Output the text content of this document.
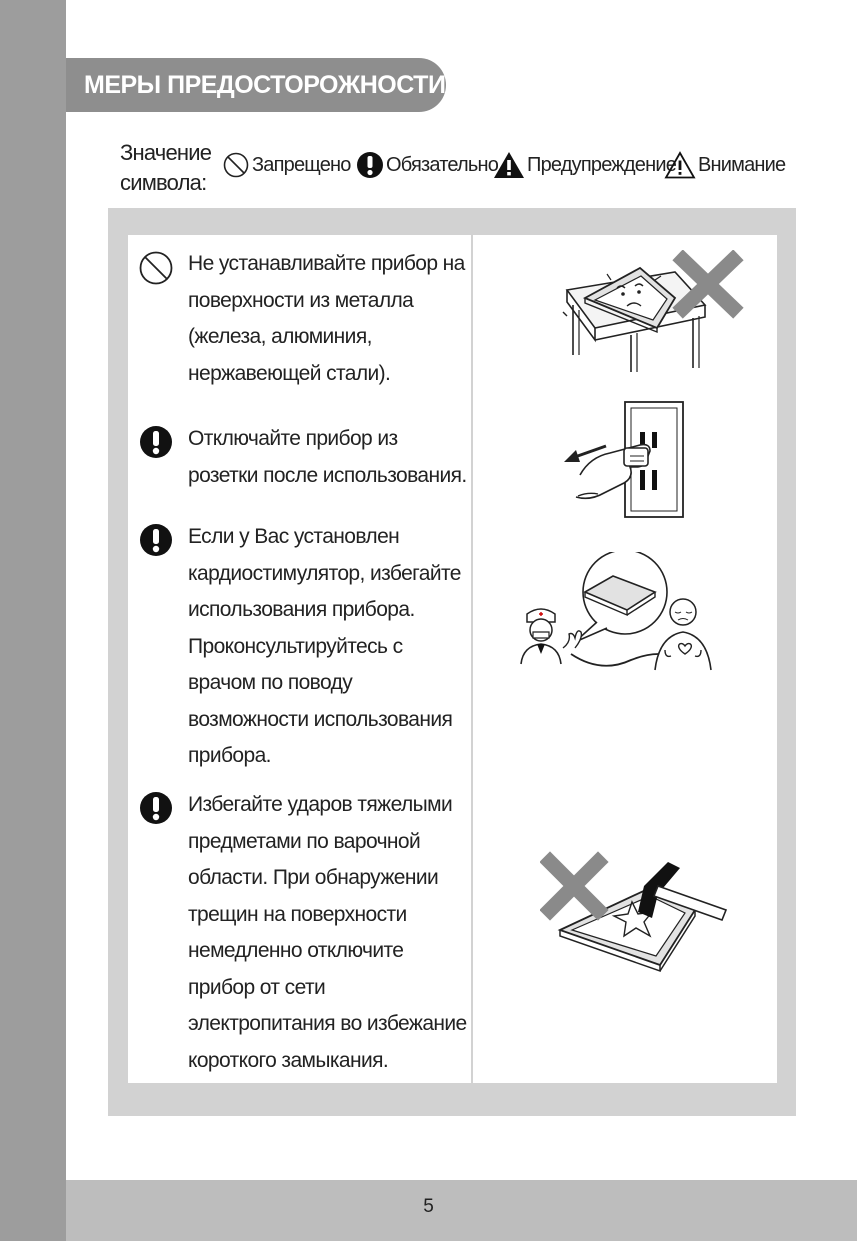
5
МЕРЫ ПРЕДОСТОРОЖНОСТИ
Значение
символа:
Запрещено Обязательно Предупреждение Внимание
Не устанавливайте прибор на
поверхности из металла
(железа, алюминия,
нержавеющей стали).
Отключайте прибор из
розетки после использования.
Если у Вас установлен
кардиостимулятор, избегайте
использования прибора.
Проконсультируйтесь с
врачом по поводу
возможности использования
прибора.
Избегайте ударов тяжелыми
предметами по варочной
области. При обнаружении
трещин на поверхности
немедленно отключите
прибор от сети
электропитания во избежание
короткого замыкания.
